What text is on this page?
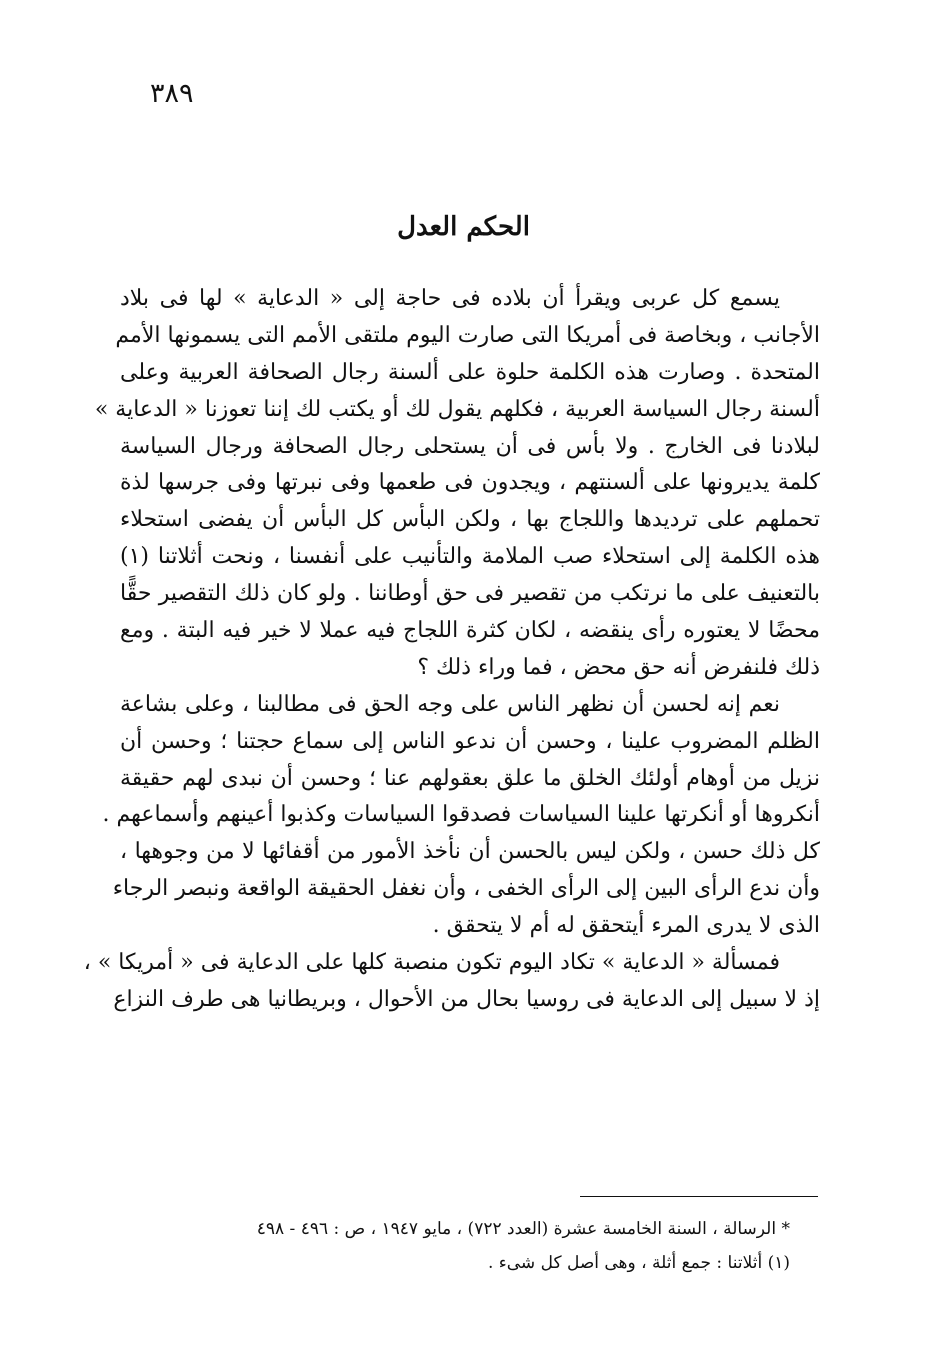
٣٨٩
الحكم العدل
يسمع كل عربى ويقرأ أن بلاده فى حاجة إلى « الدعاية » لها فى بلاد
الأجانب ، وبخاصة فى أمريكا التى صارت اليوم ملتقى الأمم التى يسمونها الأمم
المتحدة . وصارت هذه الكلمة حلوة على ألسنة رجال الصحافة العربية وعلى
ألسنة رجال السياسة العربية ، فكلهم يقول لك أو يكتب لك إننا تعوزنا « الدعاية »
لبلادنا فى الخارج . ولا بأس فى أن يستحلى رجال الصحافة ورجال السياسة
كلمة يديرونها على ألسنتهم ، ويجدون فى طعمها وفى نبرتها وفى جرسها لذة
تحملهم على ترديدها واللجاج بها ، ولكن البأس كل البأس أن يفضى استحلاء
هذه الكلمة إلى استحلاء صب الملامة والتأنيب على أنفسنا ، ونحت أثلاتنا (١)
بالتعنيف على ما نرتكب من تقصير فى حق أوطاننا . ولو كان ذلك التقصير حقًّا
محضًا لا يعتوره رأى ينقضه ، لكان كثرة اللجاج فيه عملا لا خير فيه البتة . ومع
ذلك فلنفرض أنه حق محض ، فما وراء ذلك ؟
نعم إنه لحسن أن نظهر الناس على وجه الحق فى مطالبنا ، وعلى بشاعة
الظلم المضروب علينا ، وحسن أن ندعو الناس إلى سماع حجتنا ؛ وحسن أن
نزيل من أوهام أولئك الخلق ما علق بعقولهم عنا ؛ وحسن أن نبدى لهم حقيقة
أنكروها أو أنكرتها علينا السياسات فصدقوا السياسات وكذبوا أعينهم وأسماعهم .
كل ذلك حسن ، ولكن ليس بالحسن أن نأخذ الأمور من أقفائها لا من وجوهها ،
وأن ندع الرأى البين إلى الرأى الخفى ، وأن نغفل الحقيقة الواقعة ونبصر الرجاء
الذى لا يدرى المرء أيتحقق له أم لا يتحقق .
فمسألة « الدعاية » تكاد اليوم تكون منصبة كلها على الدعاية فى « أمريكا » ،
إذ لا سبيل إلى الدعاية فى روسيا بحال من الأحوال ، وبريطانيا هى طرف النزاع
* الرسالة ، السنة الخامسة عشرة (العدد ٧٢٢) ، مايو ١٩٤٧ ، ص : ٤٩٦ - ٤٩٨
(١) أثلاتنا : جمع أثلة ، وهى أصل كل شىء .
